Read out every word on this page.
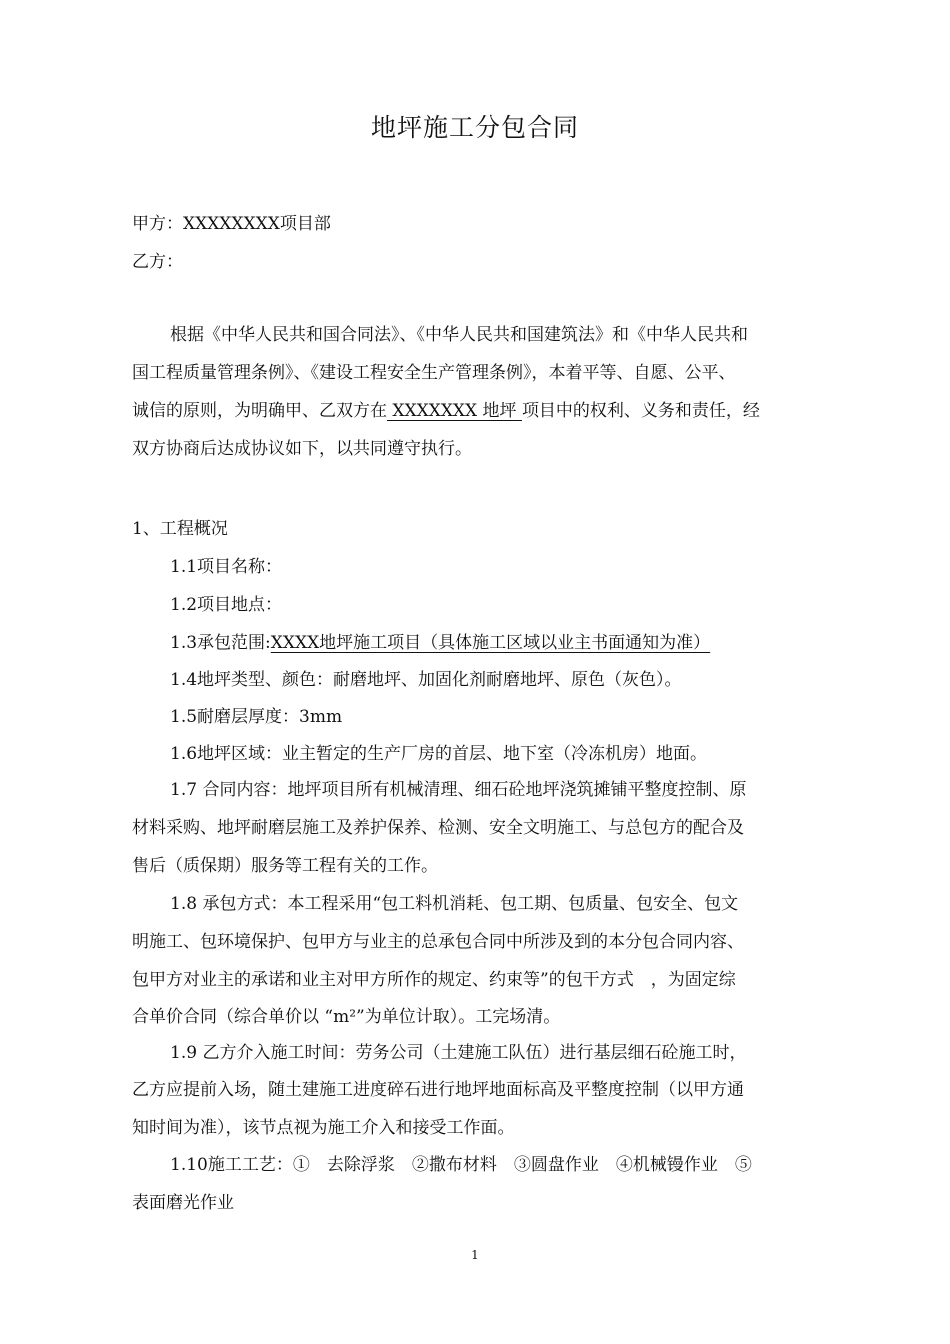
地坪施工分包合同
甲方：XXXXXXXX项目部
乙方：
根据《中华人民共和国合同法》、《中华人民共和国建筑法》和《中华人民共和
国工程质量管理条例》、《建设工程安全生产管理条例》，本着平等、自愿、公平、
诚信的原则，为明确甲、乙双方在 XXXXXXX 地坪 项目中的权利、义务和责任，经
双方协商后达成协议如下，以共同遵守执行。
1、工程概况
1.1项目名称：
1.2项目地点：
1.3承包范围:XXXX地坪施工项目（具体施工区域以业主书面通知为准）
1.4地坪类型、颜色：耐磨地坪、加固化剂耐磨地坪、原色（灰色）。
1.5耐磨层厚度：3mm
1.6地坪区域：业主暂定的生产厂房的首层、地下室（冷冻机房）地面。
1.7 合同内容：地坪项目所有机械清理、细石砼地坪浇筑摊铺平整度控制、原
材料采购、地坪耐磨层施工及养护保养、检测、安全文明施工、与总包方的配合及
售后（质保期）服务等工程有关的工作。
1.8 承包方式：本工程采用“包工料机消耗、包工期、包质量、包安全、包文
明施工、包环境保护、包甲方与业主的总承包合同中所涉及到的本分包合同内容、
包甲方对业主的承诺和业主对甲方所作的规定、约束等”的包干方式　，为固定综
合单价合同（综合单价以 “m²”为单位计取）。工完场清。
1.9 乙方介入施工时间：劳务公司（土建施工队伍）进行基层细石砼施工时，
乙方应提前入场，随土建施工进度碎石进行地坪地面标高及平整度控制（以甲方通
知时间为准），该节点视为施工介入和接受工作面。
1.10施工工艺：①　去除浮浆　②撒布材料　③圆盘作业　④机械镘作业　⑤
表面磨光作业
1
